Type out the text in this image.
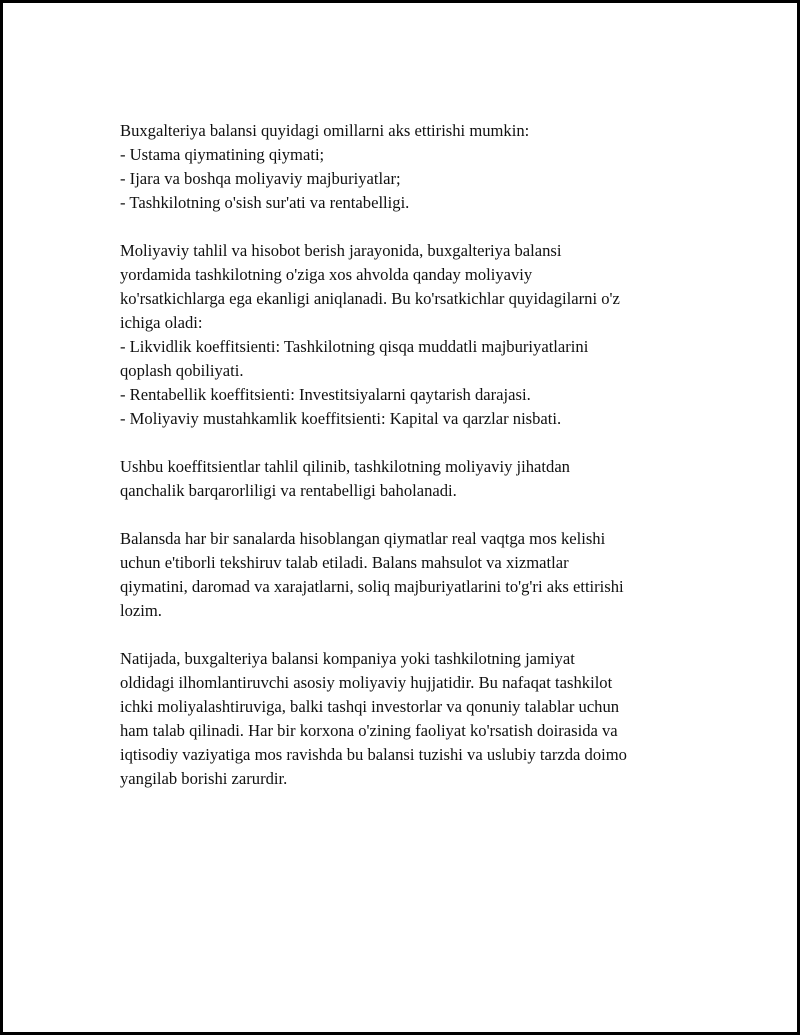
Buxgalteriya balansi quyidagi omillarni aks ettirishi mumkin:
- Ustama qiymatining qiymati;
- Ijara va boshqa moliyaviy majburiyatlar;
- Tashkilotning o'sish sur'ati va rentabelligi.

Moliyaviy tahlil va hisobot berish jarayonida, buxgalteriya balansi
yordamida tashkilotning o'ziga xos ahvolda qanday moliyaviy
ko'rsatkichlarga ega ekanligi aniqlanadi. Bu ko'rsatkichlar quyidagilarni o'z
ichiga oladi:
- Likvidlik koeffitsienti: Tashkilotning qisqa muddatli majburiyatlarini
qoplash qobiliyati.
- Rentabellik koeffitsienti: Investitsiyalarni qaytarish darajasi.
- Moliyaviy mustahkamlik koeffitsienti: Kapital va qarzlar nisbati.

Ushbu koeffitsientlar tahlil qilinib, tashkilotning moliyaviy jihatdan
qanchalik barqarorliligi va rentabelligi baholanadi.

Balansda har bir sanalarda hisoblangan qiymatlar real vaqtga mos kelishi
uchun e'tiborli tekshiruv talab etiladi. Balans mahsulot va xizmatlar
qiymatini, daromad va xarajatlarni, soliq majburiyatlarini to'g'ri aks ettirishi
lozim.

Natijada, buxgalteriya balansi kompaniya yoki tashkilotning jamiyat
oldidagi ilhomlantiruvchi asosiy moliyaviy hujjatidir. Bu nafaqat tashkilot
ichki moliyalashtiruviga, balki tashqi investorlar va qonuniy talablar uchun
ham talab qilinadi. Har bir korxona o'zining faoliyat ko'rsatish doirasida va
iqtisodiy vaziyatiga mos ravishda bu balansi tuzishi va uslubiy tarzda doimo
yangilab borishi zarurdir.
